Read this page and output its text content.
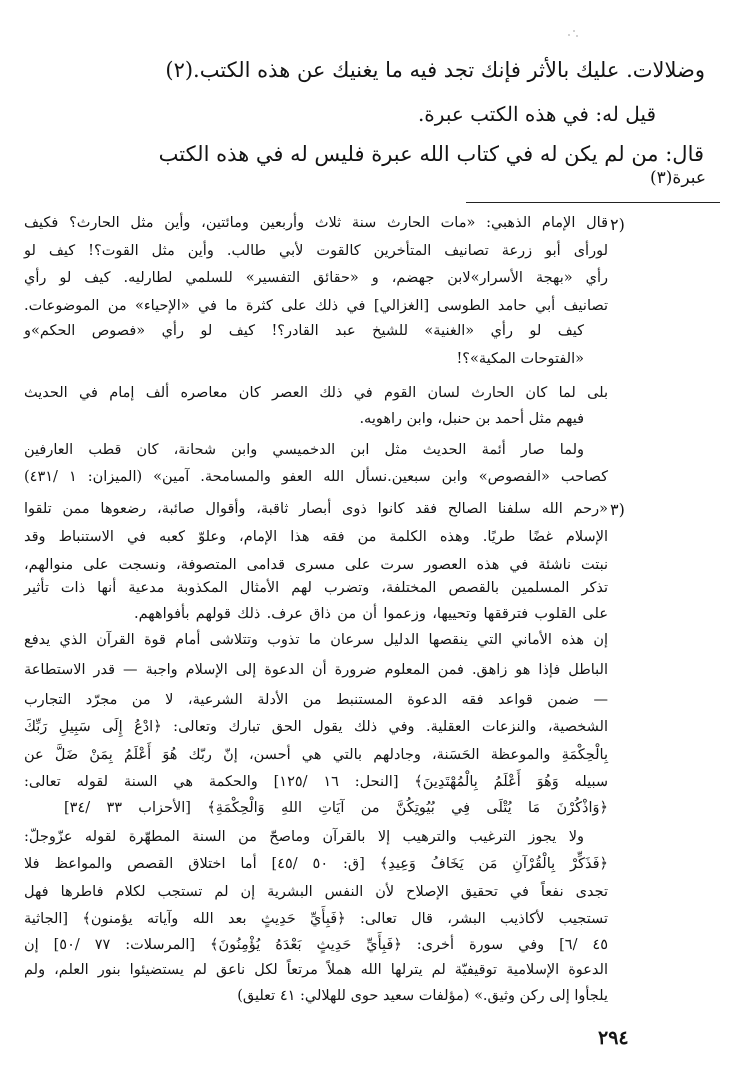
وضلالات. عليك بالأثر فإنك تجد فيه ما يغنيك عن هذه الكتب.(٢)
قيل له: في هذه الكتب عبرة.
قال: من لم يكن له في كتاب الله عبرة فليس له في هذه الكتب
عبرة(٣)
٢)
٣)
قال الإمام الذهبي: «مات الحارث سنة ثلاث وأربعين ومائتين، وأين مثل الحارث؟ فكيف
لورأى أبو زرعة تصانيف المتأخرين كالقوت لأبي طالب. وأين مثل القوت؟! كيف لو
رأي «بهجة الأسرار»لابن جهضم، و «حقائق التفسير» للسلمي لطارليه. كيف لو رأي
تصانيف أبي حامد الطوسى [الغزالي] في ذلك على كثرة ما في «الإحياء» من الموضوعات.
كيف لو رأي «الغنية» للشيخ عبد القادر؟! كيف لو رأي «فصوص الحكم»و
«الفتوحات المكية»؟!
بلى لما كان الحارث لسان القوم في ذلك العصر كان معاصره ألف إمام في الحديث
فيهم مثل أحمد بن حنبل، وابن راهويه.
ولما صار أئمة الحديث مثل ابن الدخميسي وابن شحانة، كان قطب العارفين
كصاحب «الفصوص» وابن سبعين.نسأل الله العفو والمسامحة. آمين» (الميزان: ١ /٤٣١)
«رحم الله سلفنا الصالح فقد كانوا ذوى أبصار ثاقبة، وأقوال صائبة، رضعوها ممن تلقوا
الإسلام غضًا طريًا. وهذه الكلمة من فقه هذا الإمام، وعلوّ كعبه في الاستنباط وقد
نبتت ناشئة في هذه العصور سرت على مسرى قدامى المتصوفة، ونسجت على منوالهم،
تذكر المسلمين بالقصص المختلفة، وتضرب لهم الأمثال المكذوبة مدعية أنها ذات تأثير
على القلوب فترققها وتحييها، وزعموا أن من ذاق عرف. ذلك قولهم بأفواههم.
إن هذه الأماني التي ينقصها الدليل سرعان ما تذوب وتتلاشى أمام قوة القرآن الذي يدفع
الباطل فإذا هو زاهق. فمن المعلوم ضرورة أن الدعوة إلى الإسلام واجبة — قدر الاستطاعة
— ضمن قواعد فقه الدعوة المستنبط من الأدلة الشرعية، لا من مجرّد التجارب
الشخصية، والنزعات العقلية. وفي ذلك يقول الحق تبارك وتعالى: ﴿ادْعُ إِلَى سَبِيلِ رَبِّكَ
بِالْحِكْمَةِ والموعظة الحَسَنة، وجادلهم بالتي هي أحسن، إنّ ربّك هُوَ أَعْلَمُ بِمَنْ ضَلَّ عن
سبيله وَهُوَ أَعْلَمُ بِالْمُهْتَدِينَ﴾ [النحل: ١٦ /١٢٥] والحكمة هي السنة لقوله تعالى:
﴿وَاذْكُرْنَ مَا يُتْلَى فِي بُيُوتِكُنَّ من آيَاتِ اللهِ وَالْحِكْمَةِ﴾ [الأحزاب ٣٣ /٣٤]
ولا يجوز الترغيب والترهيب إلا بالقرآن وماصحّ من السنة المطهّرة لقوله عزّوجلّ:
﴿فَذَكِّرْ بِالْقُرْآنِ مَن يَخَافُ وَعِيدِ﴾ [ق: ٥٠ /٤٥] أما اختلاق القصص والمواعظ فلا
تجدى نفعاً في تحقيق الإصلاح لأن النفس البشرية إن لم تستجب لكلام فاطرها فهل
تستجيب لأكاذيب البشر، قال تعالى: ﴿فَبِأَيِّ حَدِيثٍ بعد الله وآياته يؤمنون﴾ [الجاثية
٤٥ /٦] وفي سورة أخرى: ﴿فَبِأَيِّ حَدِيثٍ بَعْدَهُ يُؤْمِنُونَ﴾ [المرسلات: ٧٧ /٥٠] إن
الدعوة الإسلامية توقيفيّة لم يترلها الله هملاً مرتعاً لكل ناعق لم يستضيئوا بنور العلم، ولم
يلجأوا إلى ركن وثيق.» (مؤلفات سعيد حوى للهلالي: ٤١ تعليق)
٢٩٤
